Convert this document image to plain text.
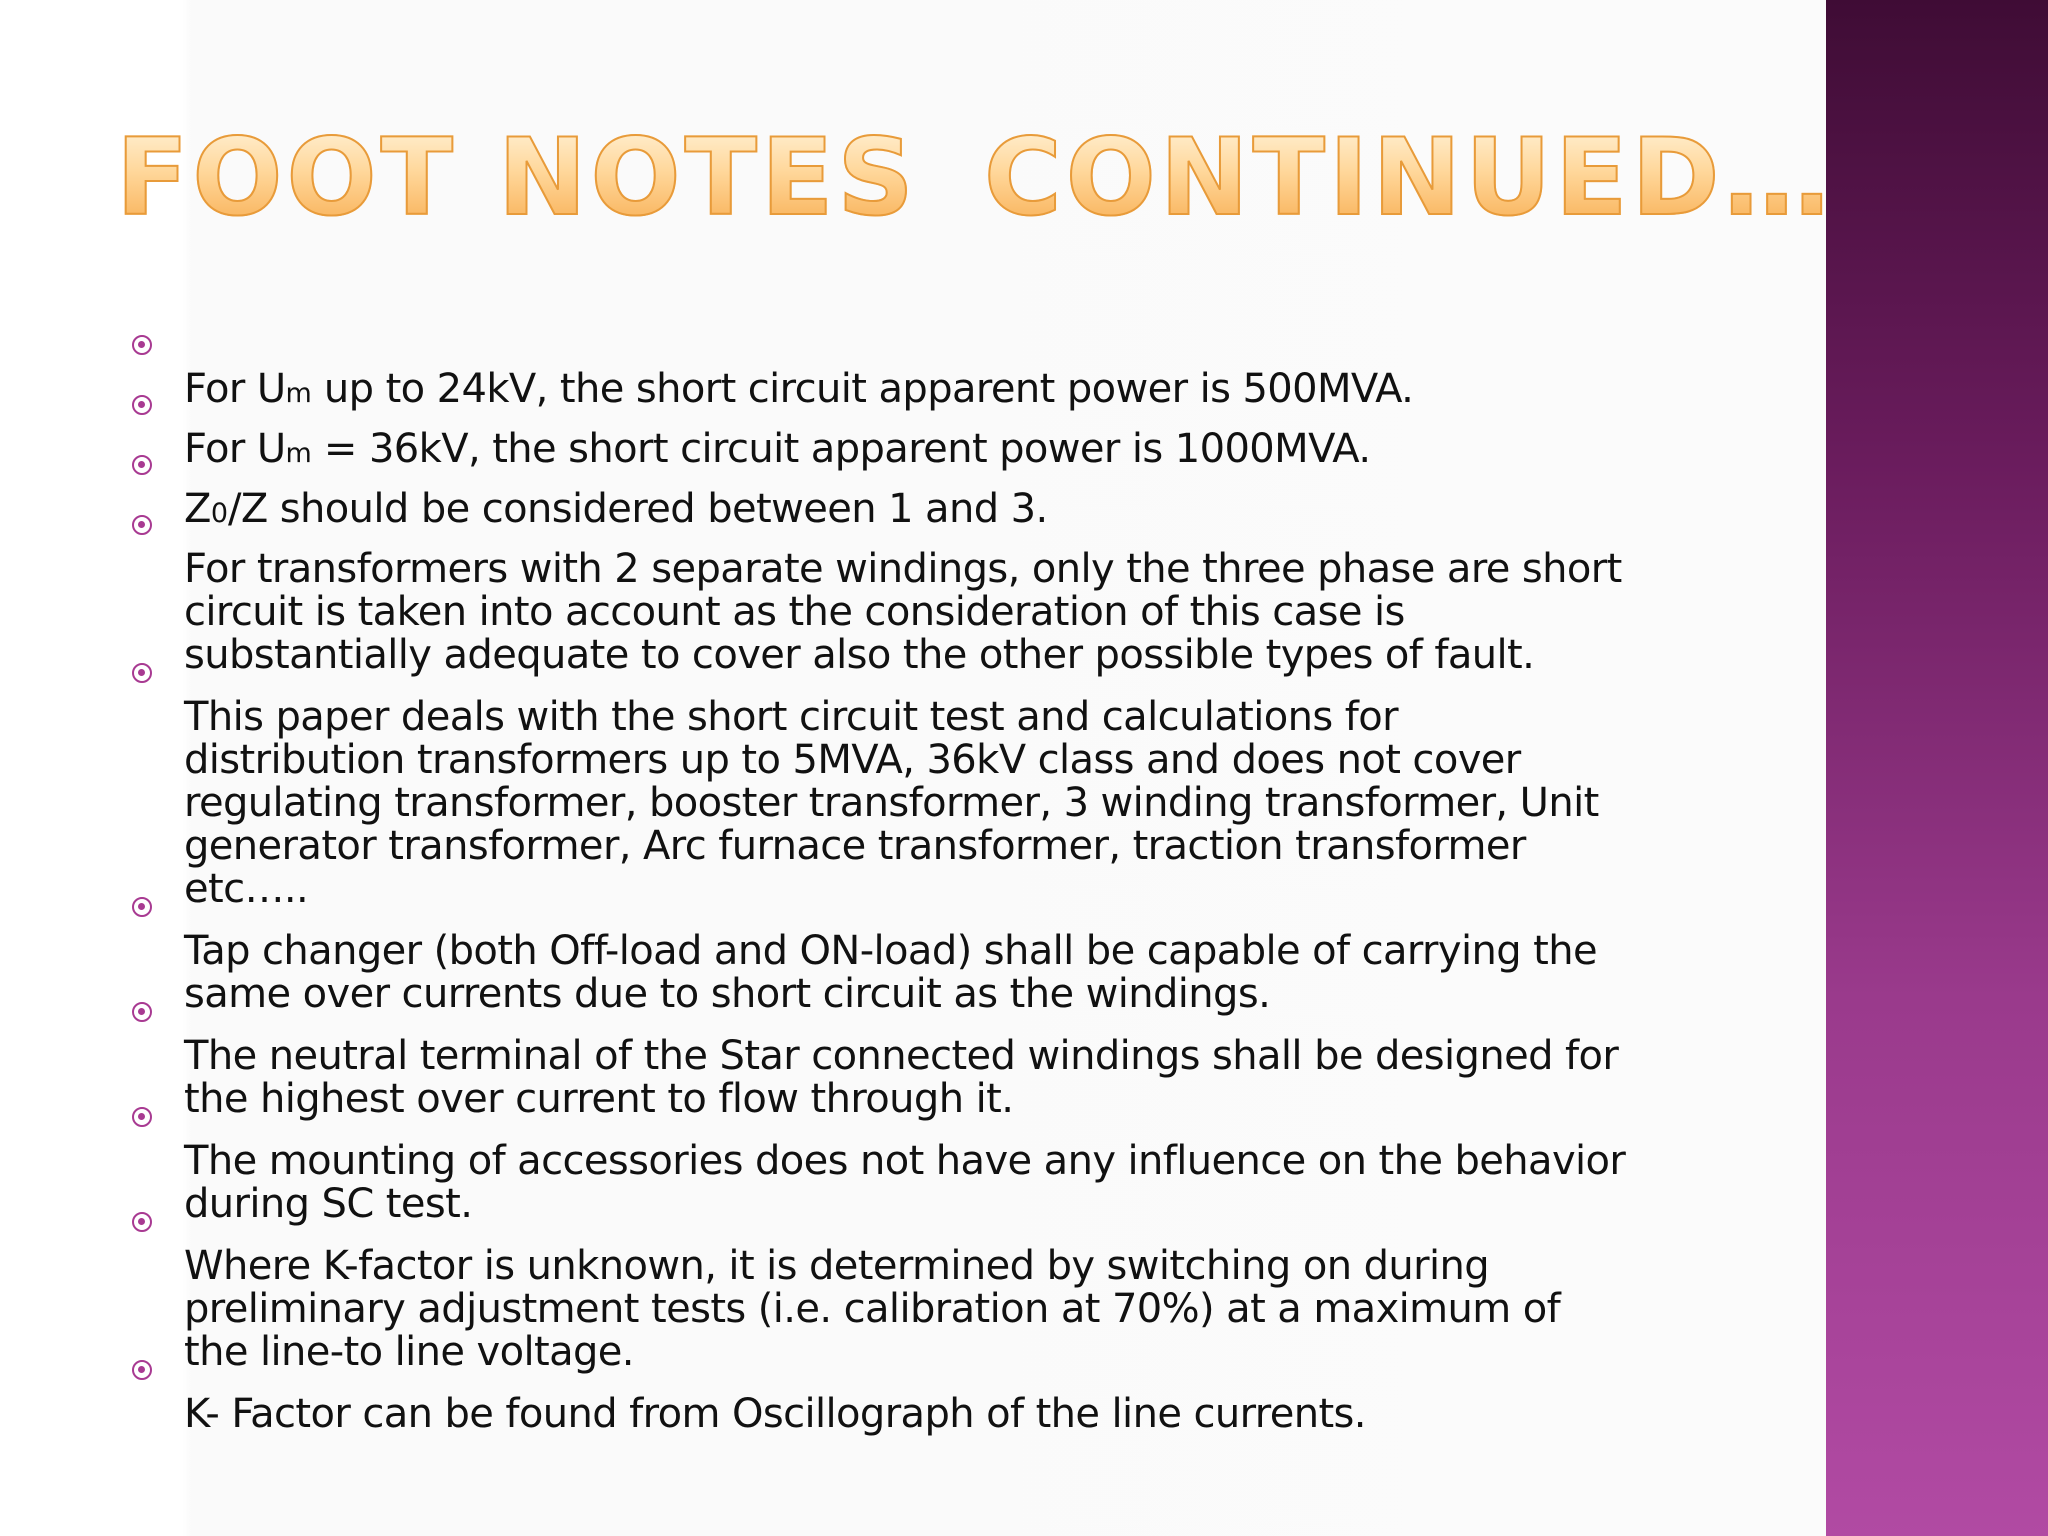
FOOT NOTES CONTINUED…

For Um up to 24kV, the short circuit apparent power is 500MVA.

For Um = 36kV, the short circuit apparent power is 1000MVA.

Z0/Z should be considered between 1 and 3.

For transformers with 2 separate windings, only the three phase are short
circuit is taken into account as the consideration of this case is
substantially adequate to cover also the other possible types of fault.

This paper deals with the short circuit test and calculations for
distribution transformers up to 5MVA, 36kV class and does not cover
regulating transformer, booster transformer, 3 winding transformer, Unit
generator transformer, Arc furnace transformer, traction transformer
etc…..

Tap changer (both Off-load and ON-load) shall be capable of carrying the
same over currents due to short circuit as the windings.

The neutral terminal of the Star connected windings shall be designed for
the highest over current to flow through it.

The mounting of accessories does not have any influence on the behavior
during SC test.

Where K-factor is unknown, it is determined by switching on during
preliminary adjustment tests (i.e. calibration at 70%) at a maximum of
the line-to line voltage.

K- Factor can be found from Oscillograph of the line currents.
